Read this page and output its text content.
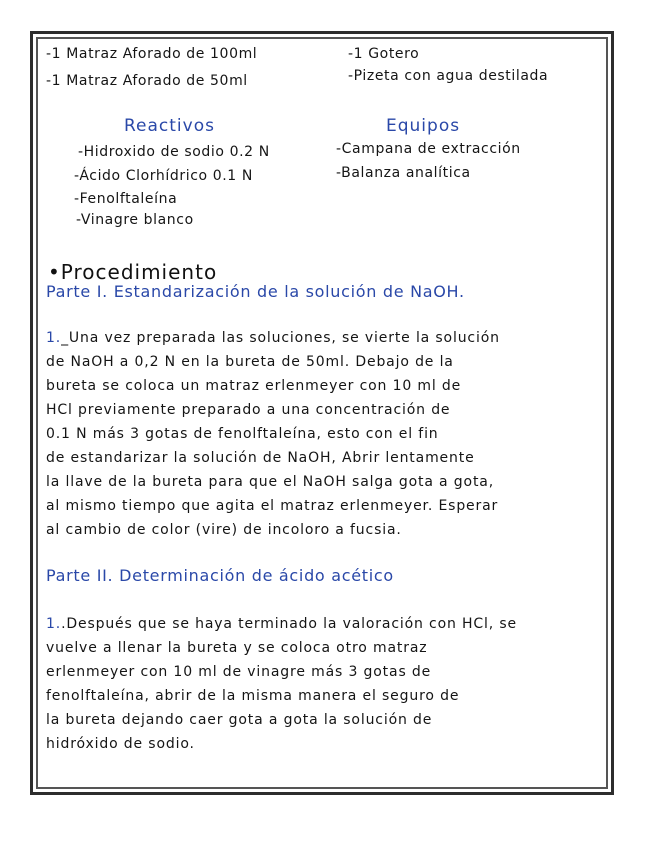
-1 Matraz Aforado de 100ml
-1 Matraz Aforado de 50ml
-1 Gotero
-Pizeta con agua destilada
Reactivos
-Hidroxido de sodio 0.2 N
-Ácido Clorhídrico 0.1 N
-Fenolftaleína
-Vinagre blanco
Equipos
-Campana de extracción
-Balanza analítica
•Procedimiento
Parte I. Estandarización de la solución de NaOH.
1._Una vez preparada las soluciones, se vierte la solución
de NaOH a 0,2 N en la bureta de 50ml. Debajo de la
bureta se coloca un matraz erlenmeyer con 10 ml de
HCl previamente preparado a una concentración de
0.1 N más 3 gotas de fenolftaleína, esto con el fin
de estandarizar la solución de NaOH, Abrir lentamente
la llave de la bureta para que el NaOH salga gota a gota,
al mismo tiempo que agita el matraz erlenmeyer. Esperar
al cambio de color (vire) de incoloro a fucsia.
Parte II. Determinación de ácido acético
1..Después que se haya terminado la valoración con HCl, se
vuelve a llenar la bureta y se coloca otro matraz
erlenmeyer con 10 ml de vinagre más 3 gotas de
fenolftaleína, abrir de la misma manera el seguro de
la bureta dejando caer gota a gota la solución de
hidróxido de sodio.
